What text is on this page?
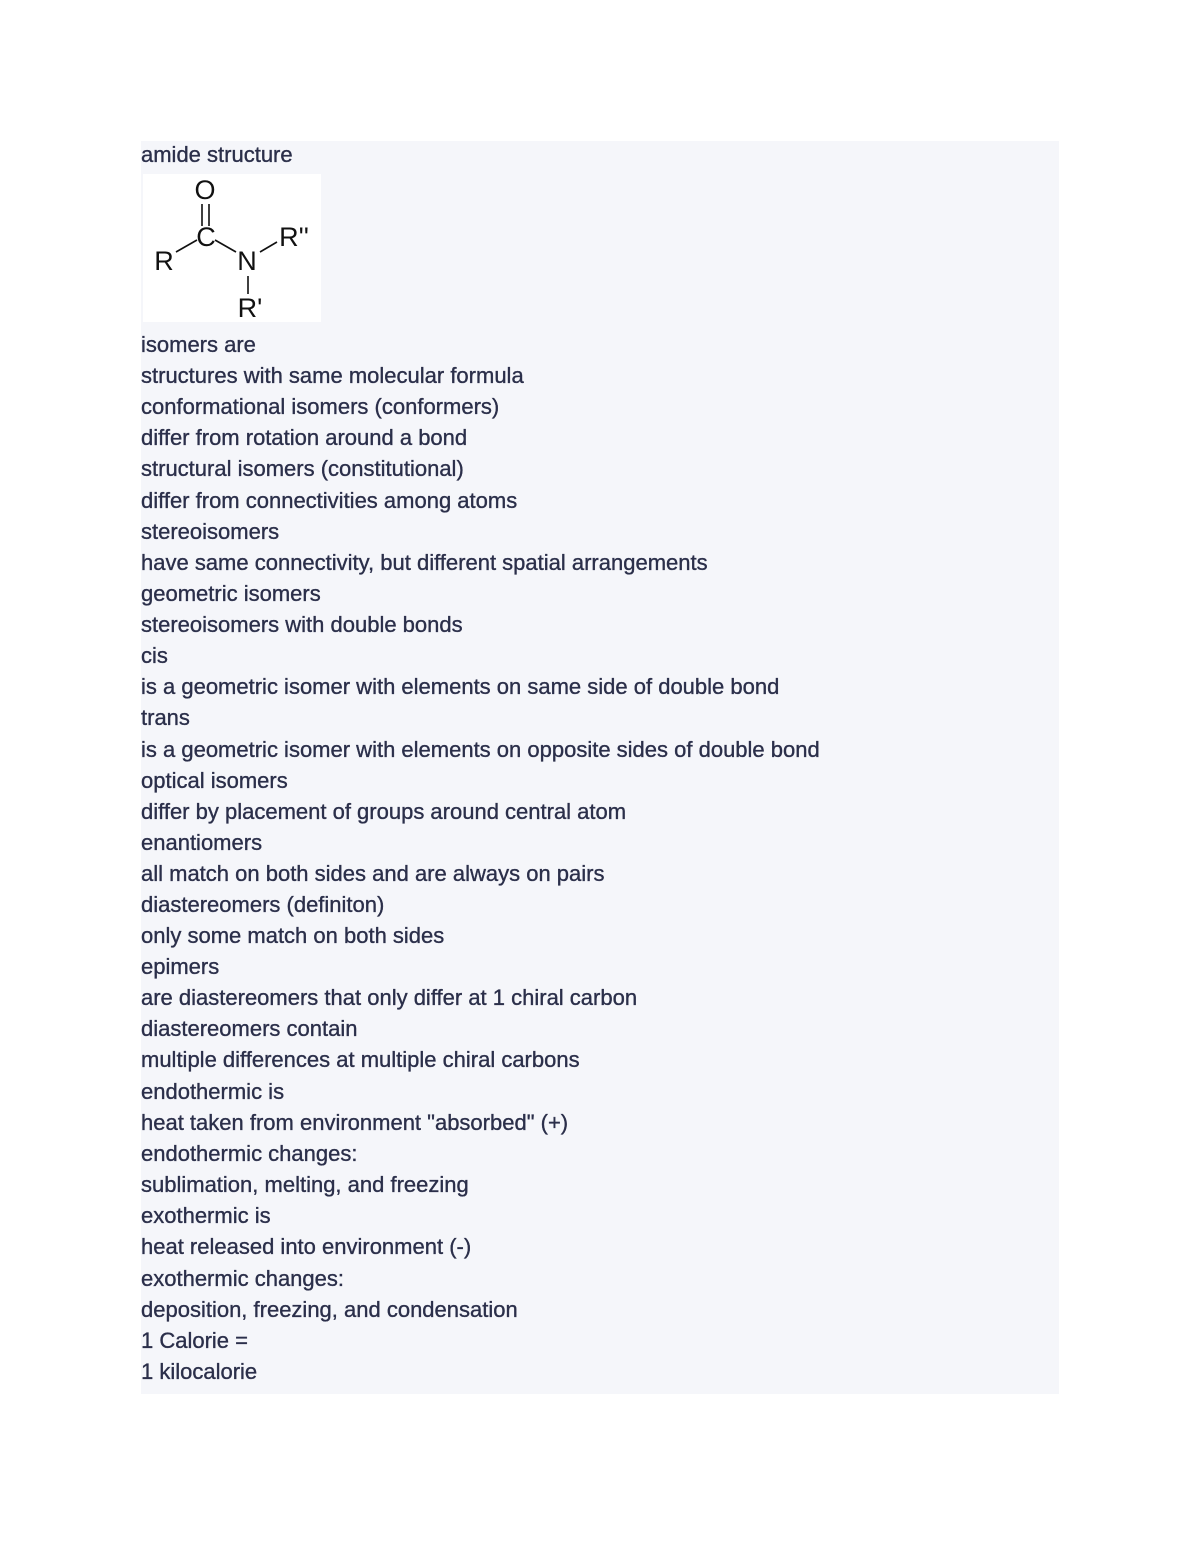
amide structure
O
C
N
R
R'
R''
isomers are
structures with same molecular formula
conformational isomers (conformers)
differ from rotation around a bond
structural isomers (constitutional)
differ from connectivities among atoms
stereoisomers
have same connectivity, but different spatial arrangements
geometric isomers
stereoisomers with double bonds
cis
is a geometric isomer with elements on same side of double bond
trans
is a geometric isomer with elements on opposite sides of double bond
optical isomers
differ by placement of groups around central atom
enantiomers
all match on both sides and are always on pairs
diastereomers (definiton)
only some match on both sides
epimers
are diastereomers that only differ at 1 chiral carbon
diastereomers contain
multiple differences at multiple chiral carbons
endothermic is
heat taken from environment "absorbed" (+)
endothermic changes:
sublimation, melting, and freezing
exothermic is
heat released into environment (-)
exothermic changes:
deposition, freezing, and condensation
1 Calorie =
1 kilocalorie
